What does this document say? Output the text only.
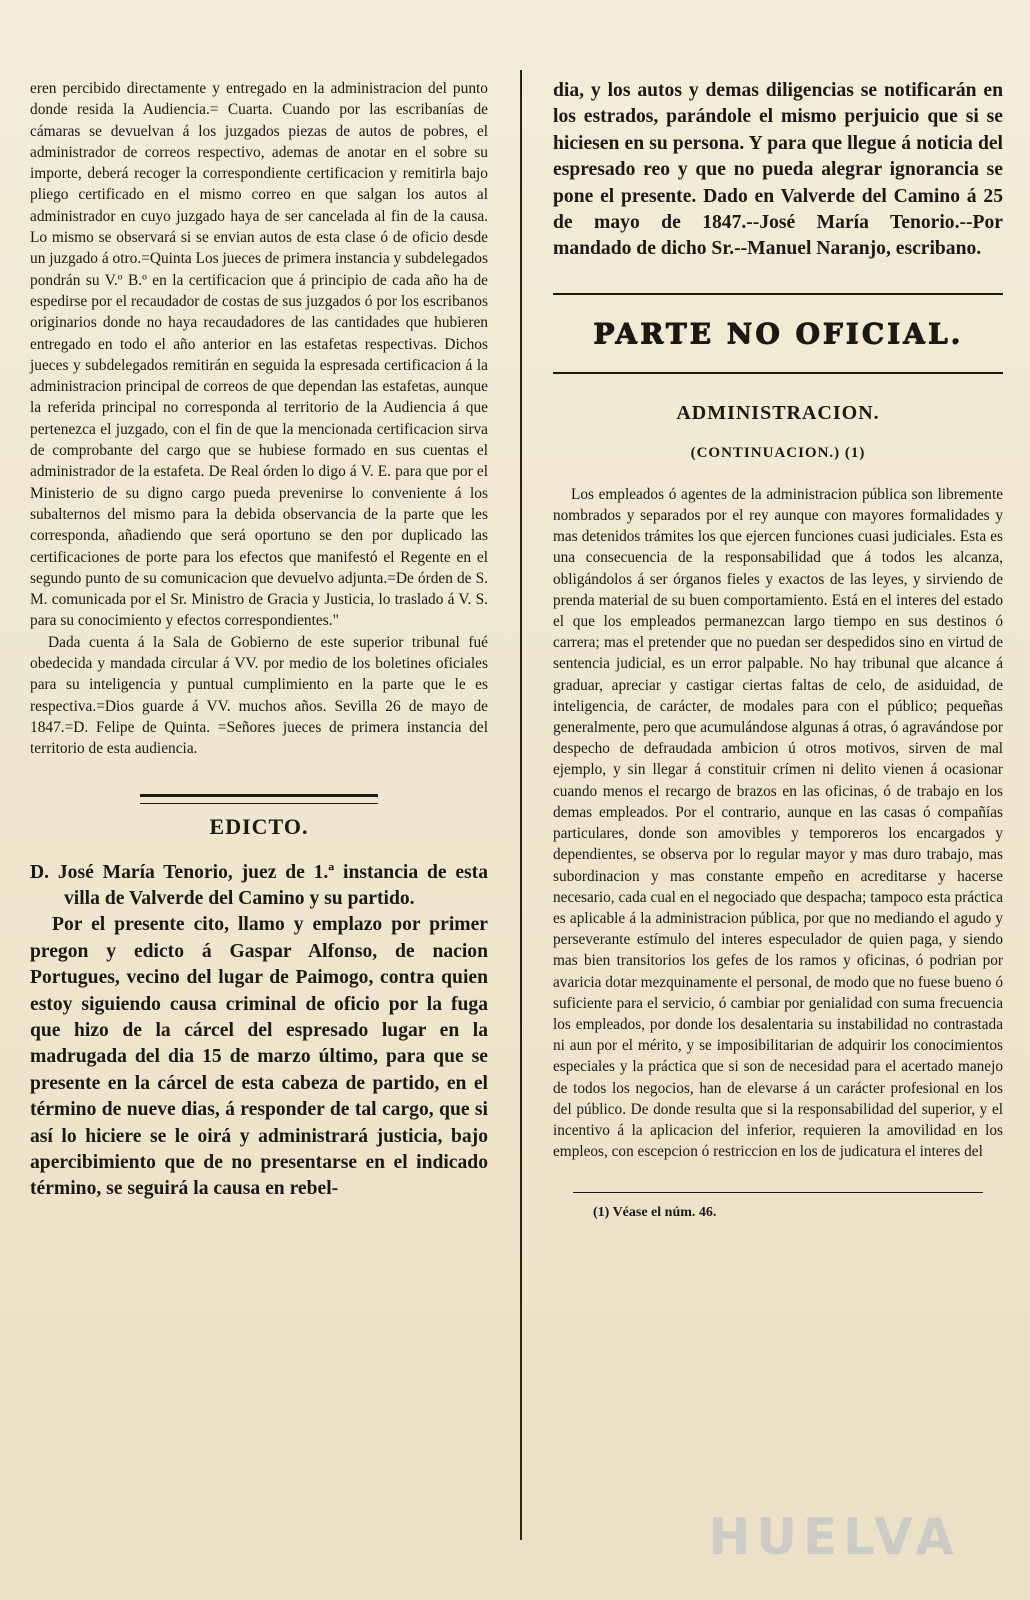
eren percibido directamente y entregado en la administracion del punto donde resida la Audiencia.= Cuarta. Cuando por las escribanías de cámaras se devuelvan á los juzgados piezas de autos de pobres, el administrador de correos respectivo, ademas de anotar en el sobre su importe, deberá recoger la correspondiente certificacion y remitirla bajo pliego certificado en el mismo correo en que salgan los autos al administrador en cuyo juzgado haya de ser cancelada al fin de la causa. Lo mismo se observará si se envian autos de esta clase ó de oficio desde un juzgado á otro.=Quinta Los jueces de primera instancia y subdelegados pondrán su V.º B.º en la certificacion que á principio de cada año ha de espedirse por el recaudador de costas de sus juzgados ó por los escribanos originarios donde no haya recaudadores de las cantidades que hubieren entregado en todo el año anterior en las estafetas respectivas. Dichos jueces y subdelegados remitirán en seguida la espresada certificacion á la administracion principal de correos de que dependan las estafetas, aunque la referida principal no corresponda al territorio de la Audiencia á que pertenezca el juzgado, con el fin de que la mencionada certificacion sirva de comprobante del cargo que se hubiese formado en sus cuentas el administrador de la estafeta. De Real órden lo digo á V. E. para que por el Ministerio de su digno cargo pueda prevenirse lo conveniente á los subalternos del mismo para la debida observancia de la parte que les corresponda, añadiendo que será oportuno se den por duplicado las certificaciones de porte para los efectos que manifestó el Regente en el segundo punto de su comunicacion que devuelvo adjunta.=De órden de S. M. comunicada por el Sr. Ministro de Gracia y Justicia, lo traslado á V. S. para su conocimiento y efectos correspondientes."

Dada cuenta á la Sala de Gobierno de este superior tribunal fué obedecida y mandada circular á VV. por medio de los boletines oficiales para su inteligencia y puntual cumplimiento en la parte que le es respectiva.=Dios guarde á VV. muchos años. Sevilla 26 de mayo de 1847.=D. Felipe de Quinta. =Señores jueces de primera instancia del territorio de esta audiencia.

EDICTO.

D. José María Tenorio, juez de 1.ª instancia de esta villa de Valverde del Camino y su partido.

Por el presente cito, llamo y emplazo por primer pregon y edicto á Gaspar Alfonso, de nacion Portugues, vecino del lugar de Paimogo, contra quien estoy siguiendo causa criminal de oficio por la fuga que hizo de la cárcel del espresado lugar en la madrugada del dia 15 de marzo último, para que se presente en la cárcel de esta cabeza de partido, en el término de nueve dias, á responder de tal cargo, que si así lo hiciere se le oirá y administrará justicia, bajo apercibimiento que de no presentarse en el indicado término, se seguirá la causa en rebel-

dia, y los autos y demas diligencias se notificarán en los estrados, parándole el mismo perjuicio que si se hiciesen en su persona. Y para que llegue á noticia del espresado reo y que no pueda alegrar ignorancia se pone el presente. Dado en Valverde del Camino á 25 de mayo de 1847.--José María Tenorio.--Por mandado de dicho Sr.--Manuel Naranjo, escribano.

PARTE NO OFICIAL.
ADMINISTRACION.
(CONTINUACION.) (1)

Los empleados ó agentes de la administracion pública son libremente nombrados y separados por el rey aunque con mayores formalidades y mas detenidos trámites los que ejercen funciones cuasi judiciales. Esta es una consecuencia de la responsabilidad que á todos les alcanza, obligándolos á ser órganos fieles y exactos de las leyes, y sirviendo de prenda material de su buen comportamiento. Está en el interes del estado el que los empleados permanezcan largo tiempo en sus destinos ó carrera; mas el pretender que no puedan ser despedidos sino en virtud de sentencia judicial, es un error palpable. No hay tribunal que alcance á graduar, apreciar y castigar ciertas faltas de celo, de asiduidad, de inteligencia, de carácter, de modales para con el público; pequeñas generalmente, pero que acumulándose algunas á otras, ó agravándose por despecho de defraudada ambicion ú otros motivos, sirven de mal ejemplo, y sin llegar á constituir crímen ni delito vienen á ocasionar cuando menos el recargo de brazos en las oficinas, ó de trabajo en los demas empleados. Por el contrario, aunque en las casas ó compañías particulares, donde son amovibles y temporeros los encargados y dependientes, se observa por lo regular mayor y mas duro trabajo, mas subordinacion y mas constante empeño en acreditarse y hacerse necesario, cada cual en el negociado que despacha; tampoco esta práctica es aplicable á la administracion pública, por que no mediando el agudo y perseverante estímulo del interes especulador de quien paga, y siendo mas bien transitorios los gefes de los ramos y oficinas, ó podrian por avaricia dotar mezquinamente el personal, de modo que no fuese bueno ó suficiente para el servicio, ó cambiar por genialidad con suma frecuencia los empleados, por donde los desalentaria su instabilidad no contrastada ni aun por el mérito, y se imposibilitarian de adquirir los conocimientos especiales y la práctica que si son de necesidad para el acertado manejo de todos los negocios, han de elevarse á un carácter profesional en los del público. De donde resulta que si la responsabilidad del superior, y el incentivo á la aplicacion del inferior, requieren la amovilidad en los empleos, con escepcion ó restriccion en los de judicatura el interes del

(1) Véase el núm. 46.
HUELVA
